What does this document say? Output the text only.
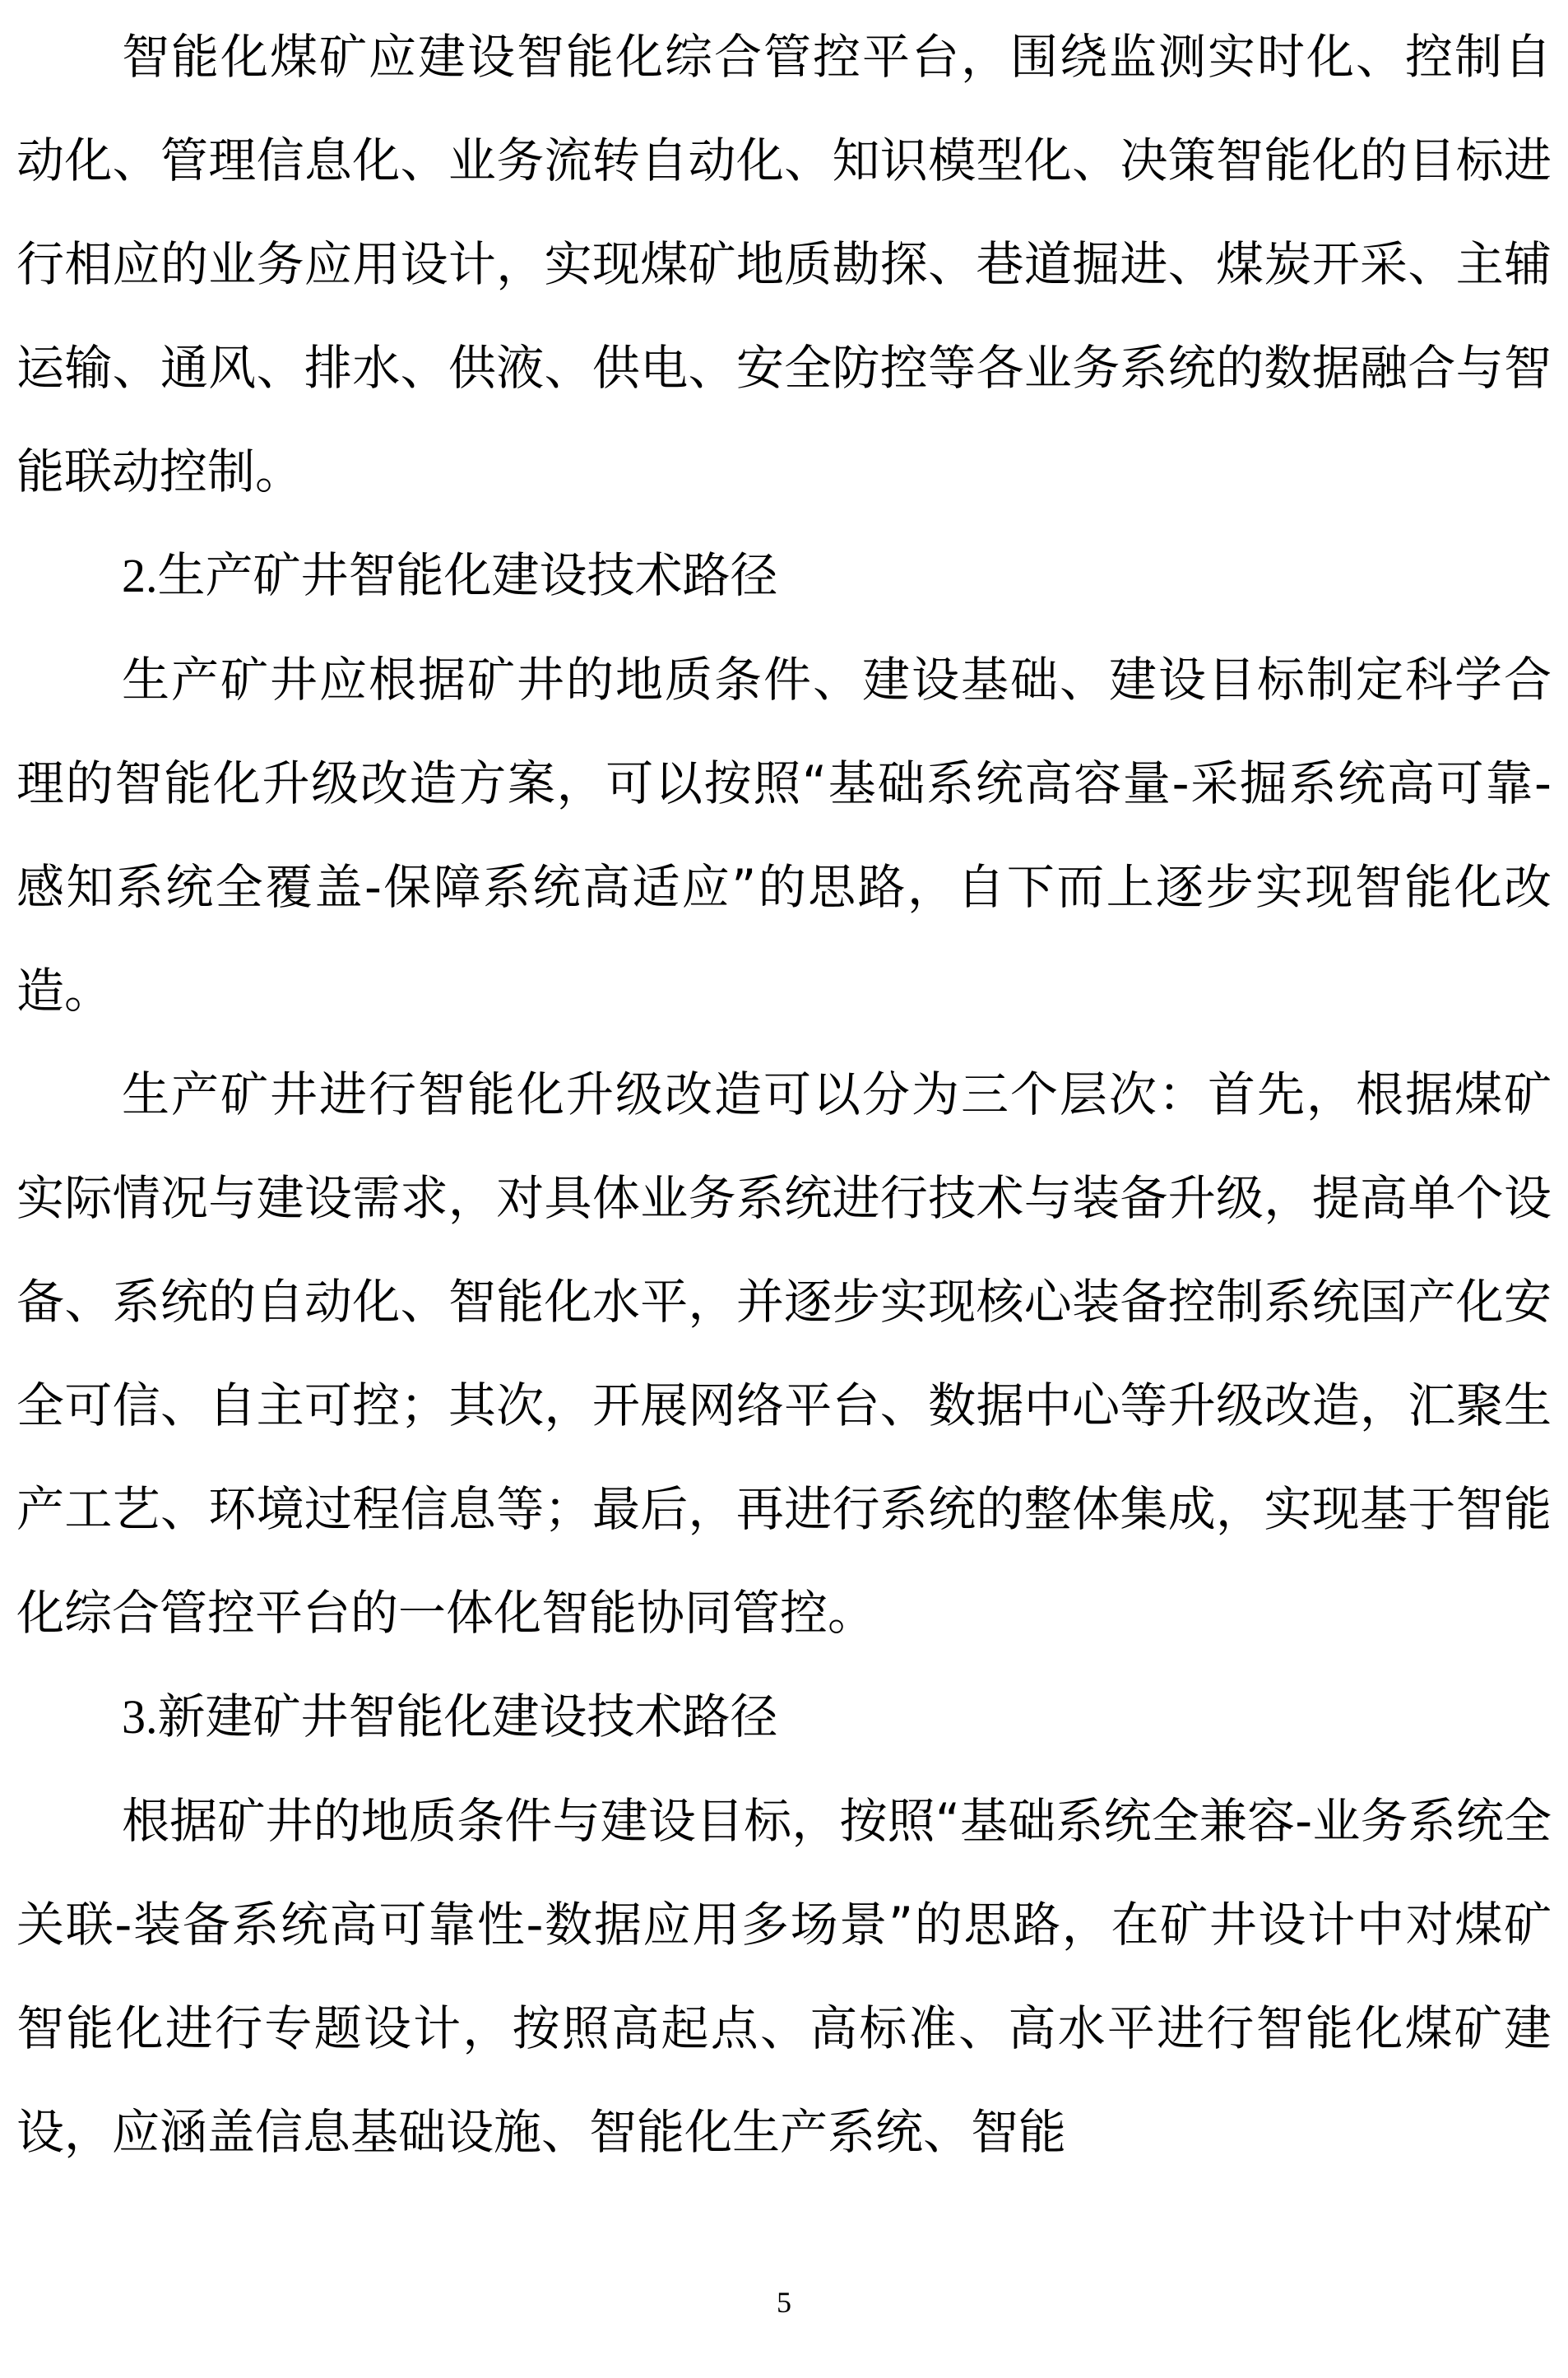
智能化煤矿应建设智能化综合管控平台，围绕监测实时化、控制自动化、管理信息化、业务流转自动化、知识模型化、决策智能化的目标进行相应的业务应用设计，实现煤矿地质勘探、巷道掘进、煤炭开采、主辅运输、通风、排水、供液、供电、安全防控等各业务系统的数据融合与智能联动控制。

2.生产矿井智能化建设技术路径

生产矿井应根据矿井的地质条件、建设基础、建设目标制定科学合理的智能化升级改造方案，可以按照“基础系统高容量-采掘系统高可靠-感知系统全覆盖-保障系统高适应”的思路，自下而上逐步实现智能化改造。

生产矿井进行智能化升级改造可以分为三个层次：首先，根据煤矿实际情况与建设需求，对具体业务系统进行技术与装备升级，提高单个设备、系统的自动化、智能化水平，并逐步实现核心装备控制系统国产化安全可信、自主可控；其次，开展网络平台、数据中心等升级改造，汇聚生产工艺、环境过程信息等；最后，再进行系统的整体集成，实现基于智能化综合管控平台的一体化智能协同管控。

3.新建矿井智能化建设技术路径

根据矿井的地质条件与建设目标，按照“基础系统全兼容-业务系统全关联-装备系统高可靠性-数据应用多场景”的思路，在矿井设计中对煤矿智能化进行专题设计，按照高起点、高标准、高水平进行智能化煤矿建设，应涵盖信息基础设施、智能化生产系统、智能

5
